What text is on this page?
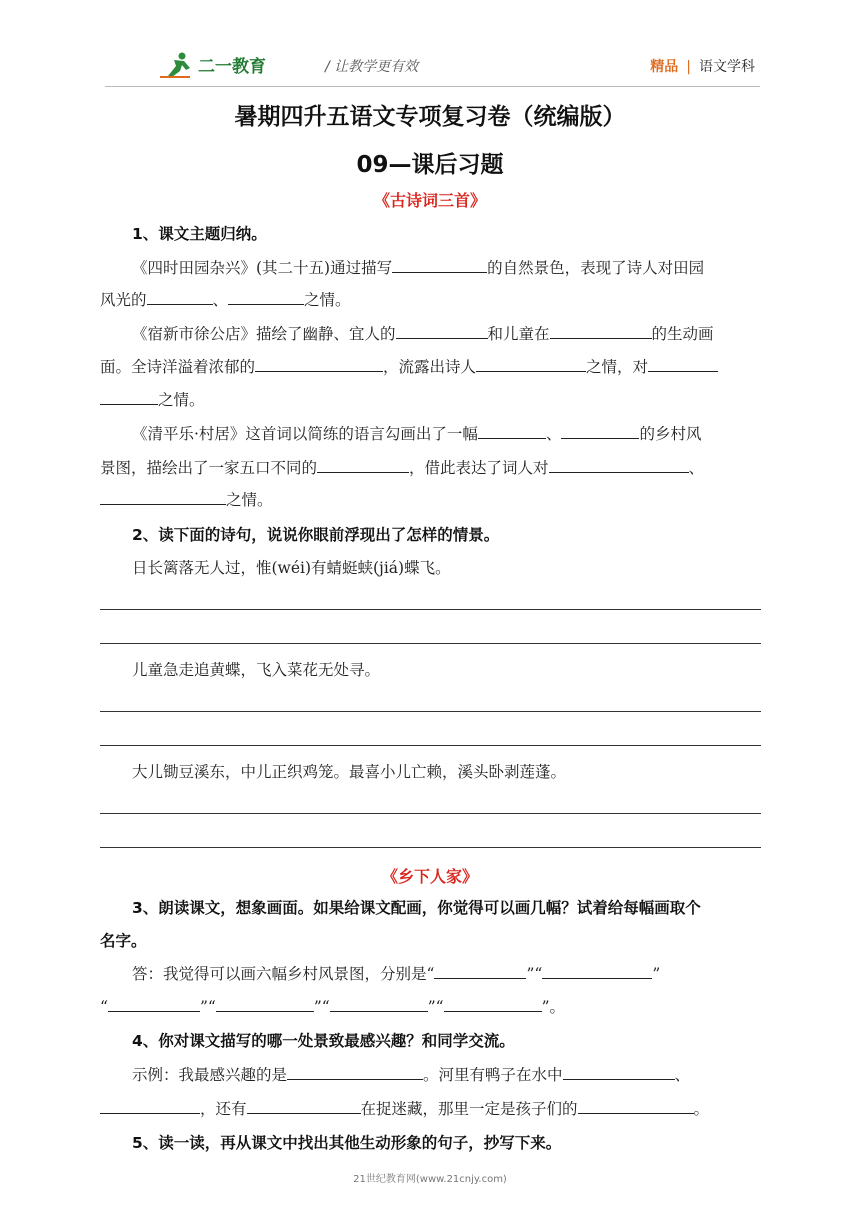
二一教育	/ 让教学更有效	精品 | 语文学科
暑期四升五语文专项复习卷（统编版）
09—课后习题
《古诗词三首》
1、课文主题归纳。
《四时田园杂兴》(其二十五)通过描写	的自然景色，表现了诗人对田园
风光的	、	之情。
《宿新市徐公店》描绘了幽静、宜人的	和儿童在	的生动画
面。全诗洋溢着浓郁的	，流露出诗人	之情，对
之情。
《清平乐·村居》这首词以简练的语言勾画出了一幅	、	的乡村风
景图，描绘出了一家五口不同的	，借此表达了词人对	、
之情。
2、读下面的诗句，说说你眼前浮现出了怎样的情景。
日长篱落无人过，惟(wéi)有蜻蜓蛱(jiá)蝶飞。
儿童急走追黄蝶，飞入菜花无处寻。
大儿锄豆溪东，中儿正织鸡笼。最喜小儿亡赖，溪头卧剥莲蓬。
《乡下人家》
3、朗读课文，想象画面。如果给课文配画，你觉得可以画几幅？试着给每幅画取个
名字。
答：我觉得可以画六幅乡村风景图，分别是“	”“	”
“	”“	”“	”“	”。
4、你对课文描写的哪一处景致最感兴趣？和同学交流。
示例：我最感兴趣的是	。河里有鸭子在水中	、
，还有	在捉迷藏，那里一定是孩子们的	。
5、读一读，再从课文中找出其他生动形象的句子，抄写下来。
21世纪教育网(www.21cnjy.com)
